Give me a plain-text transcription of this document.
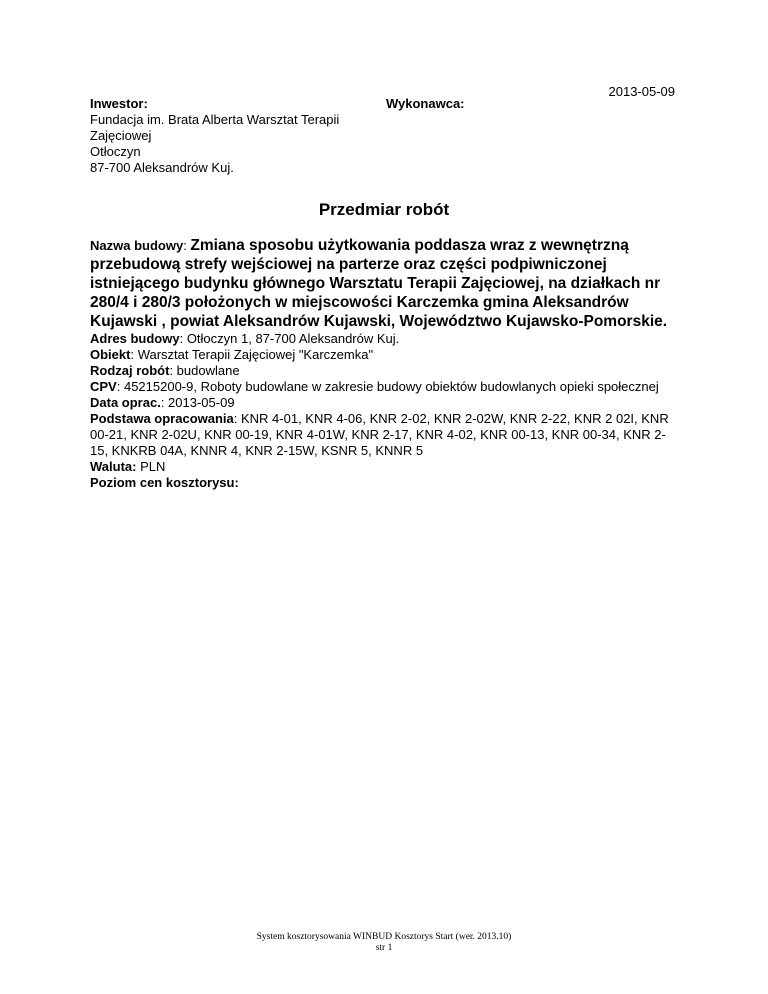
2013-05-09
Inwestor:
Fundacja im. Brata Alberta Warsztat Terapii Zajęciowej
Otłoczyn
87-700 Aleksandrów Kuj.
Wykonawca:
Przedmiar robót
Nazwa budowy: Zmiana sposobu użytkowania poddasza wraz z wewnętrzną przebudową strefy wejściowej na parterze oraz części podpiwniczonej istniejącego budynku głównego Warsztatu Terapii Zajęciowej, na działkach nr 280/4 i 280/3 położonych w miejscowości Karczemka gmina Aleksandrów Kujawski , powiat Aleksandrów Kujawski, Województwo Kujawsko-Pomorskie.
Adres budowy: Otłoczyn 1, 87-700 Aleksandrów Kuj.
Obiekt: Warsztat Terapii Zajęciowej "Karczemka"
Rodzaj robót: budowlane
CPV: 45215200-9, Roboty budowlane w zakresie budowy obiektów budowlanych opieki społecznej
Data oprac.: 2013-05-09
Podstawa opracowania: KNR 4-01, KNR 4-06, KNR 2-02, KNR 2-02W, KNR 2-22, KNR 2 02I, KNR 00-21, KNR 2-02U, KNR 00-19, KNR 4-01W, KNR 2-17, KNR 4-02, KNR 00-13, KNR 00-34, KNR 2-15, KNKRB 04A, KNNR 4, KNR 2-15W, KSNR 5, KNNR 5
Waluta: PLN
Poziom cen kosztorysu:
System kosztorysowania WINBUD Kosztorys Start (wer. 2013.10)
str 1
